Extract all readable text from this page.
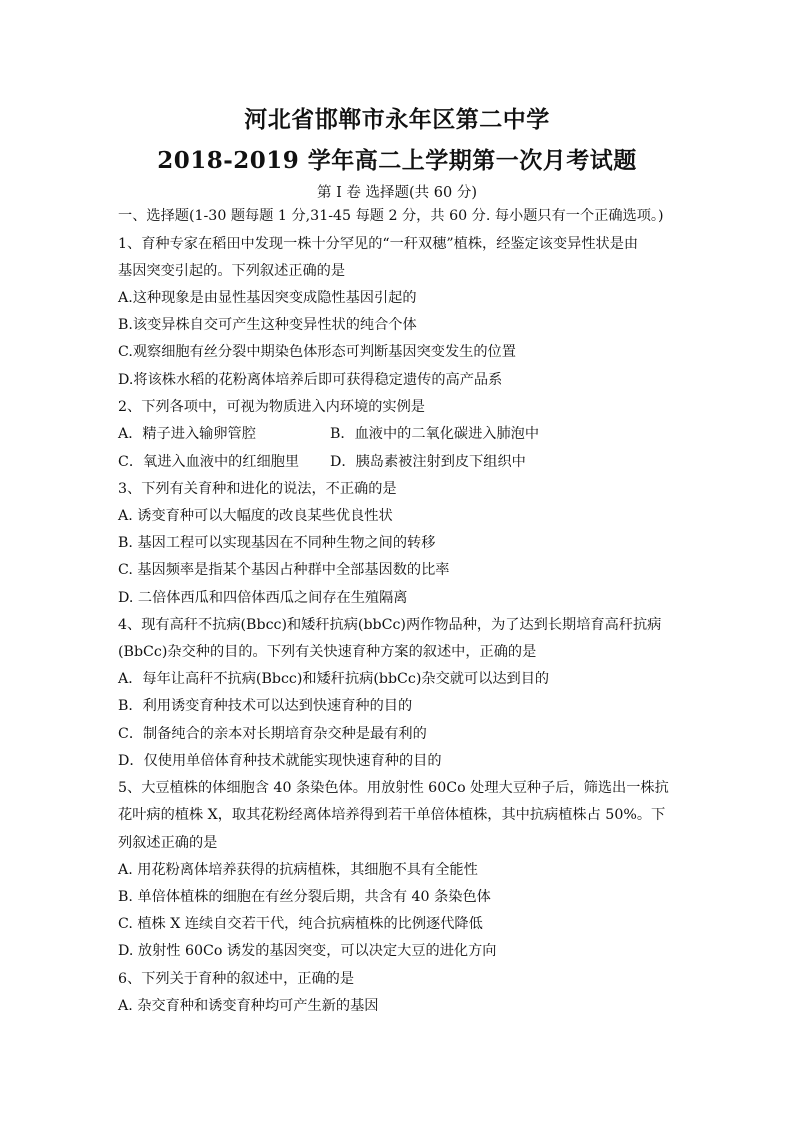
河北省邯郸市永年区第二中学
2018-2019 学年高二上学期第一次月考试题
第 I 卷 选择题(共 60 分)
一、选择题(1-30 题每题 1 分,31-45 每题 2 分，共 60 分. 每小题只有一个正确选项。)
1、育种专家在稻田中发现一株十分罕见的“一秆双穗”植株，经鉴定该变异性状是由
基因突变引起的。下列叙述正确的是
A.这种现象是由显性基因突变成隐性基因引起的
B.该变异株自交可产生这种变异性状的纯合个体
C.观察细胞有丝分裂中期染色体形态可判断基因突变发生的位置
D.将该株水稻的花粉离体培养后即可获得稳定遗传的高产品系
2、下列各项中，可视为物质进入内环境的实例是
A．精子进入输卵管腔	B．血液中的二氧化碳进入肺泡中
C．氧进入血液中的红细胞里 D．胰岛素被注射到皮下组织中
3、下列有关育种和进化的说法，不正确的是
A. 诱变育种可以大幅度的改良某些优良性状
B. 基因工程可以实现基因在不同种生物之间的转移
C. 基因频率是指某个基因占种群中全部基因数的比率
D. 二倍体西瓜和四倍体西瓜之间存在生殖隔离
4、现有高秆不抗病(Bbcc)和矮秆抗病(bbCc)两作物品种，为了达到长期培育高秆抗病
(BbCc)杂交种的目的。下列有关快速育种方案的叙述中，正确的是
A．每年让高秆不抗病(Bbcc)和矮秆抗病(bbCc)杂交就可以达到目的
B．利用诱变育种技术可以达到快速育种的目的
C．制备纯合的亲本对长期培育杂交种是最有利的
D．仅使用单倍体育种技术就能实现快速育种的目的
5、大豆植株的体细胞含 40 条染色体。用放射性 60Co 处理大豆种子后，筛选出一株抗
花叶病的植株 X，取其花粉经离体培养得到若干单倍体植株，其中抗病植株占 50%。下
列叙述正确的是
A. 用花粉离体培养获得的抗病植株，其细胞不具有全能性
B. 单倍体植株的细胞在有丝分裂后期，共含有 40 条染色体
C. 植株 X 连续自交若干代，纯合抗病植株的比例逐代降低
D. 放射性 60Co 诱发的基因突变，可以决定大豆的进化方向
6、下列关于育种的叙述中，正确的是
A. 杂交育种和诱变育种均可产生新的基因
